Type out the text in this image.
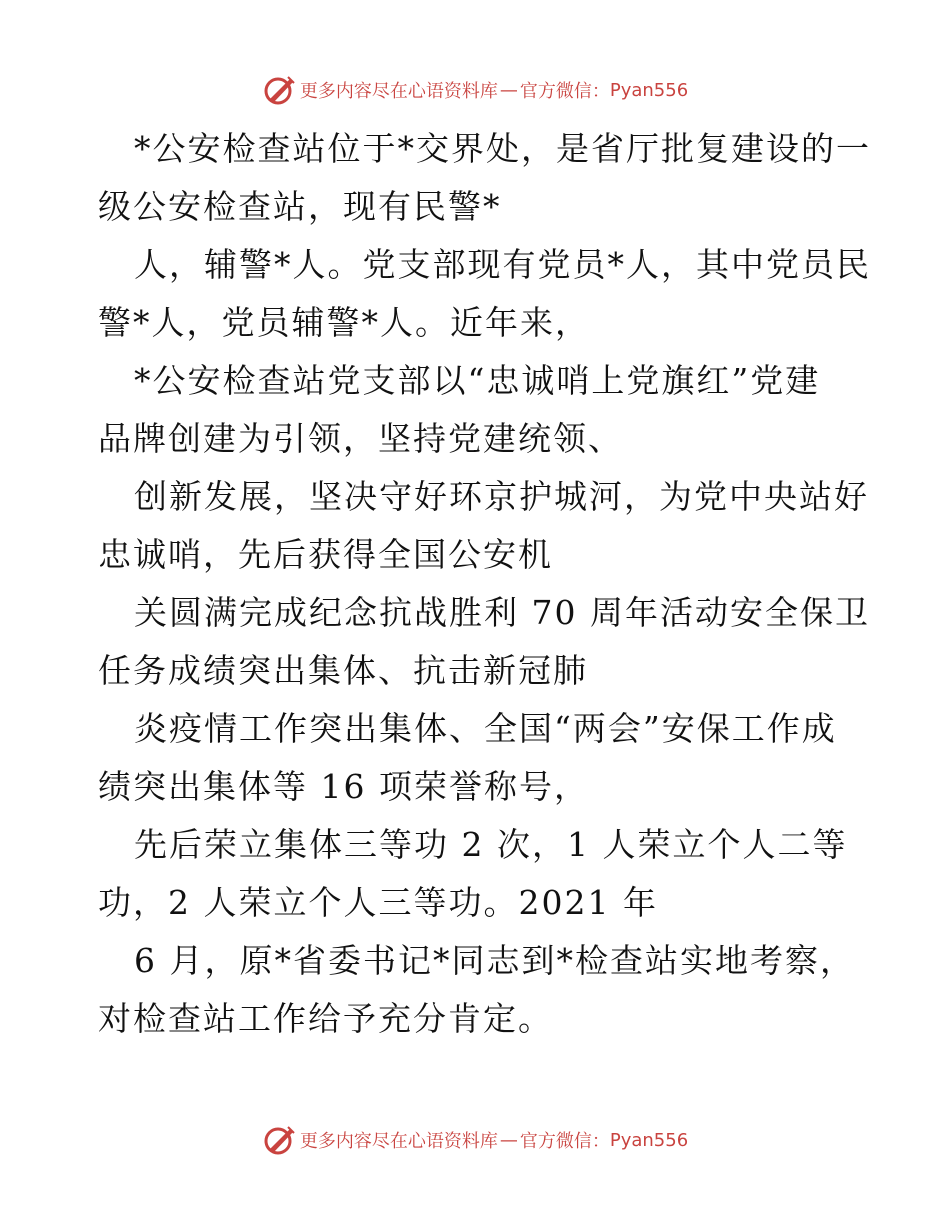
更多内容尽在心语资料库 — 官方微信： Pyan556

*公安检查站位于*交界处，是省厅批复建设的一
级公安检查站，现有民警*

人，辅警*人。党支部现有党员*人，其中党员民
警*人，党员辅警*人。近年来，

*公安检查站党支部以“忠诚哨上党旗红”党建
品牌创建为引领，坚持党建统领、

创新发展，坚决守好环京护城河，为党中央站好
忠诚哨，先后获得全国公安机

关圆满完成纪念抗战胜利 70 周年活动安全保卫
任务成绩突出集体、抗击新冠肺

炎疫情工作突出集体、全国“两会”安保工作成
绩突出集体等 16 项荣誉称号，

先后荣立集体三等功 2 次，1 人荣立个人二等
功，2 人荣立个人三等功。2021 年

6 月，原*省委书记*同志到*检查站实地考察，
对检查站工作给予充分肯定。

更多内容尽在心语资料库 — 官方微信： Pyan556
